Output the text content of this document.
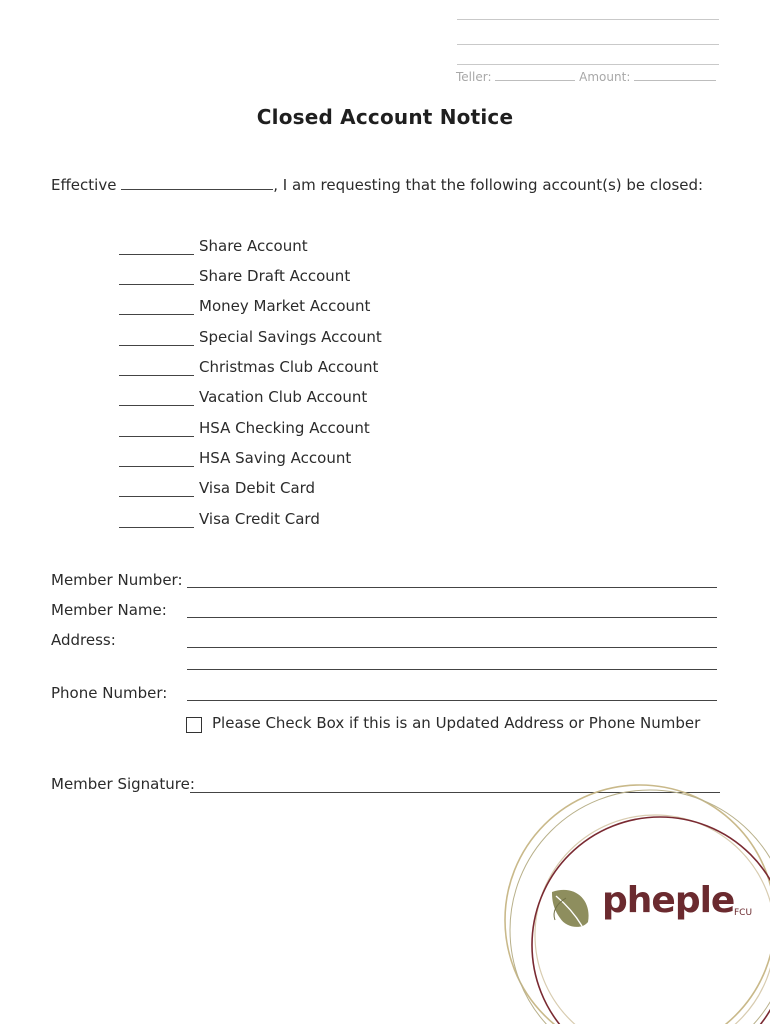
Teller:	Amount:
Closed Account Notice
Effective	, I am requesting that the following account(s) be closed:
Share Account
Share Draft Account
Money Market Account
Special Savings Account
Christmas Club Account
Vacation Club Account
HSA Checking Account
HSA Saving Account
Visa Debit Card
Visa Credit Card
Member Number:
Member Name:
Address:
Phone Number:
Please Check Box if this is an Updated Address or Phone Number
Member Signature:
pheple FCU
